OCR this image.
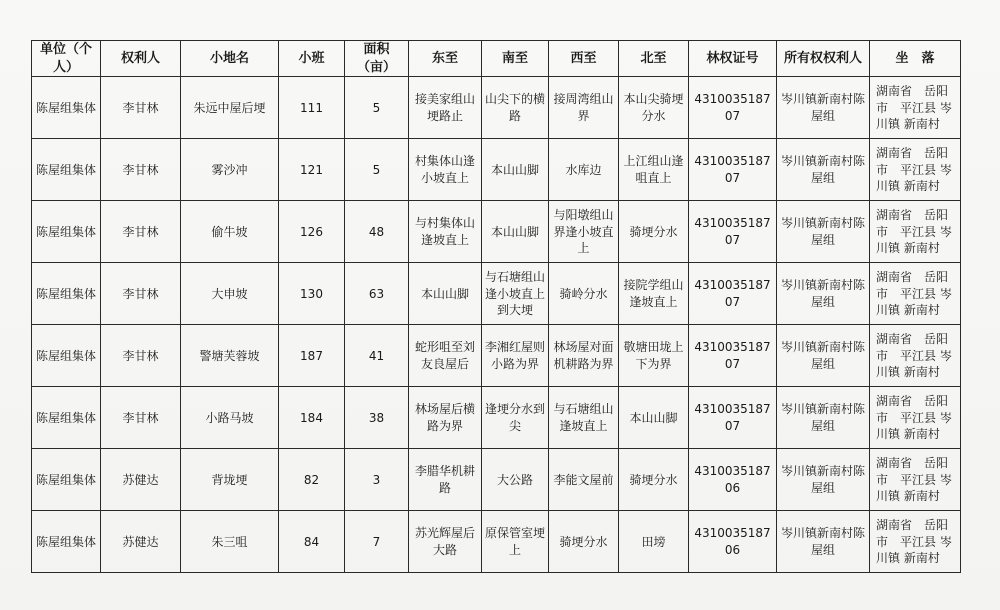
单位（个人）	权利人	小地名	小班	面积（亩）	东至	南至	西至	北至	林权证号	所有权权利人	坐　落
陈屋组集体	李甘林	朱远中屋后埂	111	5	接美家组山埂路止	山尖下的横路	接周湾组山界	本山尖骑埂分水	431003518707	岑川镇新南村陈屋组	湖南省　岳阳市　平江县 岑川镇 新南村
陈屋组集体	李甘林	雾沙冲	121	5	村集体山逢小坡直上	本山山脚	水库边	上江组山逢咀直上	431003518707	岑川镇新南村陈屋组	湖南省　岳阳市　平江县 岑川镇 新南村
陈屋组集体	李甘林	偷牛坡	126	48	与村集体山逢坡直上	本山山脚	与阳墩组山界逢小坡直上	骑埂分水	431003518707	岑川镇新南村陈屋组	湖南省　岳阳市　平江县 岑川镇 新南村
陈屋组集体	李甘林	大申坡	130	63	本山山脚	与石塘组山逢小坡直上到大埂	骑岭分水	接院学组山逢坡直上	431003518707	岑川镇新南村陈屋组	湖南省　岳阳市　平江县 岑川镇 新南村
陈屋组集体	李甘林	警塘芙蓉坡	187	41	蛇形咀至刘友良屋后	李湘红屋则小路为界	林场屋对面机耕路为界	敬塘田垅上下为界	431003518707	岑川镇新南村陈屋组	湖南省　岳阳市　平江县 岑川镇 新南村
陈屋组集体	李甘林	小路马坡	184	38	林场屋后横路为界	逢埂分水到尖	与石塘组山逢坡直上	本山山脚	431003518707	岑川镇新南村陈屋组	湖南省　岳阳市　平江县 岑川镇 新南村
陈屋组集体	苏健达	背垅埂	82	3	李腊华机耕路	大公路	李能文屋前	骑埂分水	431003518706	岑川镇新南村陈屋组	湖南省　岳阳市　平江县 岑川镇 新南村
陈屋组集体	苏健达	朱三咀	84	7	苏光辉屋后大路	原保管室埂上	骑埂分水	田塝	431003518706	岑川镇新南村陈屋组	湖南省　岳阳市　平江县 岑川镇 新南村
